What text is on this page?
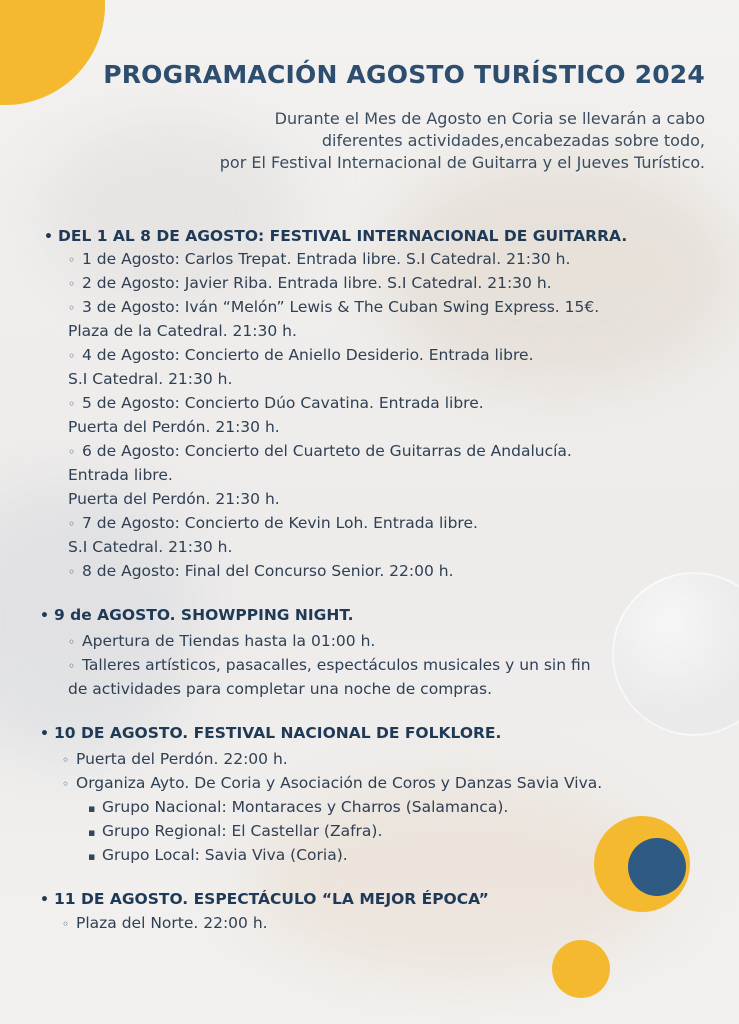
PROGRAMACIÓN AGOSTO TURÍSTICO 2024
Durante el Mes de Agosto en Coria se llevarán a cabo
diferentes actividades,encabezadas sobre todo,
por El Festival Internacional de Guitarra y el Jueves Turístico.
• DEL 1 AL 8 DE AGOSTO: FESTIVAL INTERNACIONAL DE GUITARRA.
◦ 1 de Agosto: Carlos Trepat. Entrada libre. S.I Catedral. 21:30 h.
◦ 2 de Agosto: Javier Riba. Entrada libre. S.I Catedral. 21:30 h.
◦ 3 de Agosto: Iván “Melón” Lewis & The Cuban Swing Express. 15€.
Plaza de la Catedral. 21:30 h.
◦ 4 de Agosto: Concierto de Aniello Desiderio. Entrada libre.
S.I Catedral. 21:30 h.
◦ 5 de Agosto: Concierto Dúo Cavatina. Entrada libre.
Puerta del Perdón. 21:30 h.
◦ 6 de Agosto: Concierto del Cuarteto de Guitarras de Andalucía.
Entrada libre.
Puerta del Perdón. 21:30 h.
◦ 7 de Agosto: Concierto de Kevin Loh. Entrada libre.
S.I Catedral. 21:30 h.
◦ 8 de Agosto: Final del Concurso Senior. 22:00 h.
• 9 de AGOSTO. SHOWPPING NIGHT.
◦ Apertura de Tiendas hasta la 01:00 h.
◦ Talleres artísticos, pasacalles, espectáculos musicales y un sin fin
de actividades para completar una noche de compras.
• 10 DE AGOSTO. FESTIVAL NACIONAL DE FOLKLORE.
◦ Puerta del Perdón. 22:00 h.
◦ Organiza Ayto. De Coria y Asociación de Coros y Danzas Savia Viva.
▪ Grupo Nacional: Montaraces y Charros (Salamanca).
▪ Grupo Regional: El Castellar (Zafra).
▪ Grupo Local: Savia Viva (Coria).
• 11 DE AGOSTO. ESPECTÁCULO “LA MEJOR ÉPOCA”
◦ Plaza del Norte. 22:00 h.
